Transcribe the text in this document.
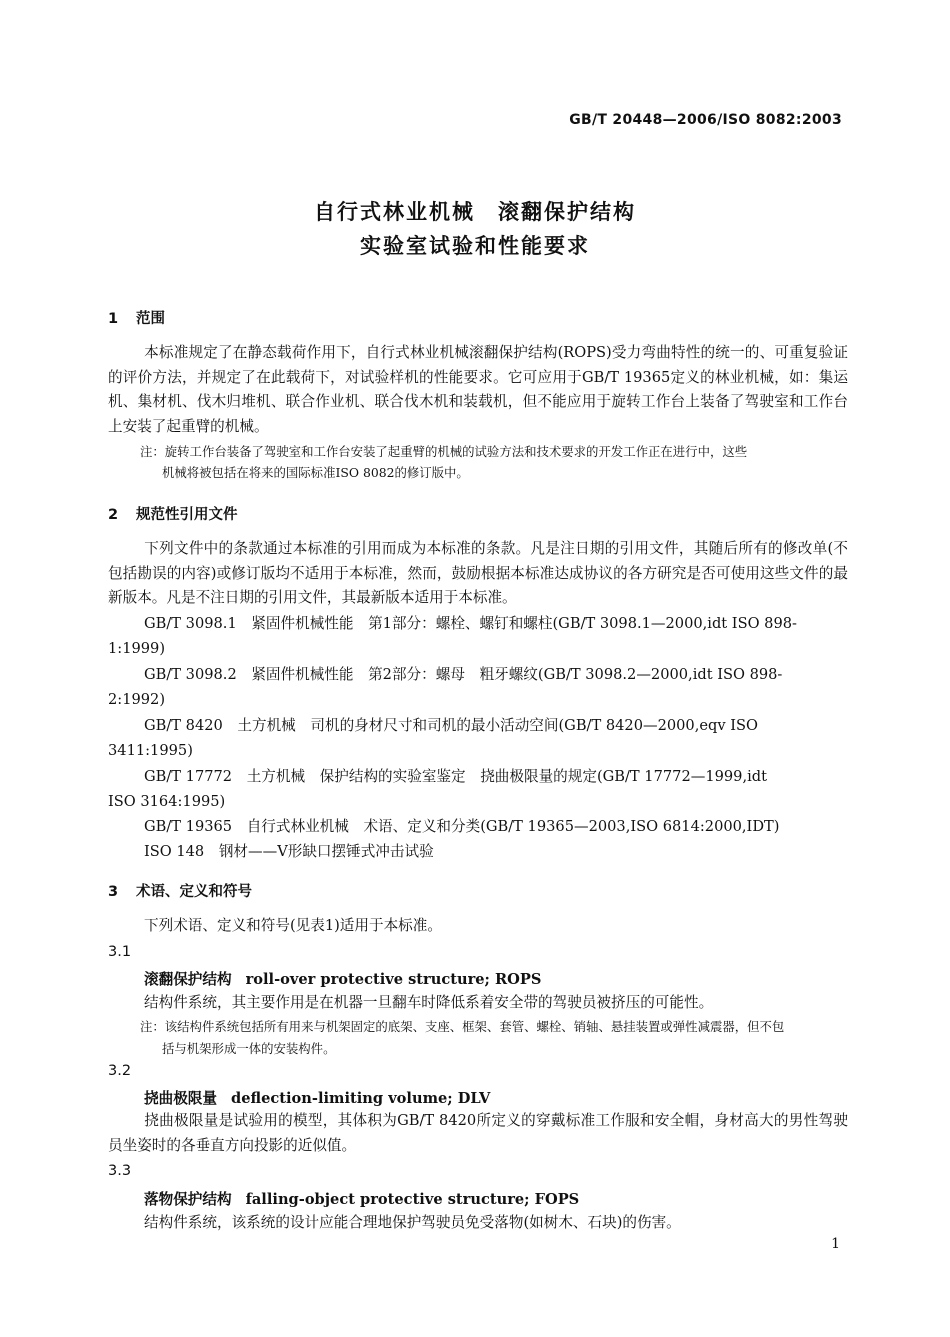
GB/T 20448—2006/ISO 8082:2003
自行式林业机械　滚翻保护结构
实验室试验和性能要求
1 范围
本标准规定了在静态载荷作用下，自行式林业机械滚翻保护结构(ROPS)受力弯曲特性的统一的、可重复验证的评价方法，并规定了在此载荷下，对试验样机的性能要求。它可应用于GB/T 19365定义的林业机械，如：集运机、集材机、伐木归堆机、联合作业机、联合伐木机和装载机，但不能应用于旋转工作台上装备了驾驶室和工作台上安装了起重臂的机械。
注：旋转工作台装备了驾驶室和工作台安装了起重臂的机械的试验方法和技术要求的开发工作正在进行中，这些
机械将被包括在将来的国际标准ISO 8082的修订版中。
2 规范性引用文件
下列文件中的条款通过本标准的引用而成为本标准的条款。凡是注日期的引用文件，其随后所有的修改单(不包括勘误的内容)或修订版均不适用于本标准，然而，鼓励根据本标准达成协议的各方研究是否可使用这些文件的最新版本。凡是不注日期的引用文件，其最新版本适用于本标准。
GB/T 3098.1　紧固件机械性能　第1部分：螺栓、螺钉和螺柱(GB/T 3098.1—2000,idt ISO 898-
1:1999)
GB/T 3098.2　紧固件机械性能　第2部分：螺母　粗牙螺纹(GB/T 3098.2—2000,idt ISO 898-
2:1992)
GB/T 8420　土方机械　司机的身材尺寸和司机的最小活动空间(GB/T 8420—2000,eqv ISO
3411:1995)
GB/T 17772　土方机械　保护结构的实验室鉴定　挠曲极限量的规定(GB/T 17772—1999,idt
ISO 3164:1995)
GB/T 19365　自行式林业机械　术语、定义和分类(GB/T 19365—2003,ISO 6814:2000,IDT)
ISO 148　钢材——V形缺口摆锤式冲击试验
3 术语、定义和符号
下列术语、定义和符号(见表1)适用于本标准。
3.1
滚翻保护结构 roll-over protective structure; ROPS
结构件系统，其主要作用是在机器一旦翻车时降低系着安全带的驾驶员被挤压的可能性。
注：该结构件系统包括所有用来与机架固定的底架、支座、框架、套管、螺栓、销轴、悬挂装置或弹性减震器，但不包
括与机架形成一体的安装构件。
3.2
挠曲极限量 deflection-limiting volume; DLV
挠曲极限量是试验用的模型，其体积为GB/T 8420所定义的穿戴标准工作服和安全帽，身材高大的男性驾驶员坐姿时的各垂直方向投影的近似值。
3.3
落物保护结构 falling-object protective structure; FOPS
结构件系统，该系统的设计应能合理地保护驾驶员免受落物(如树木、石块)的伤害。
1
